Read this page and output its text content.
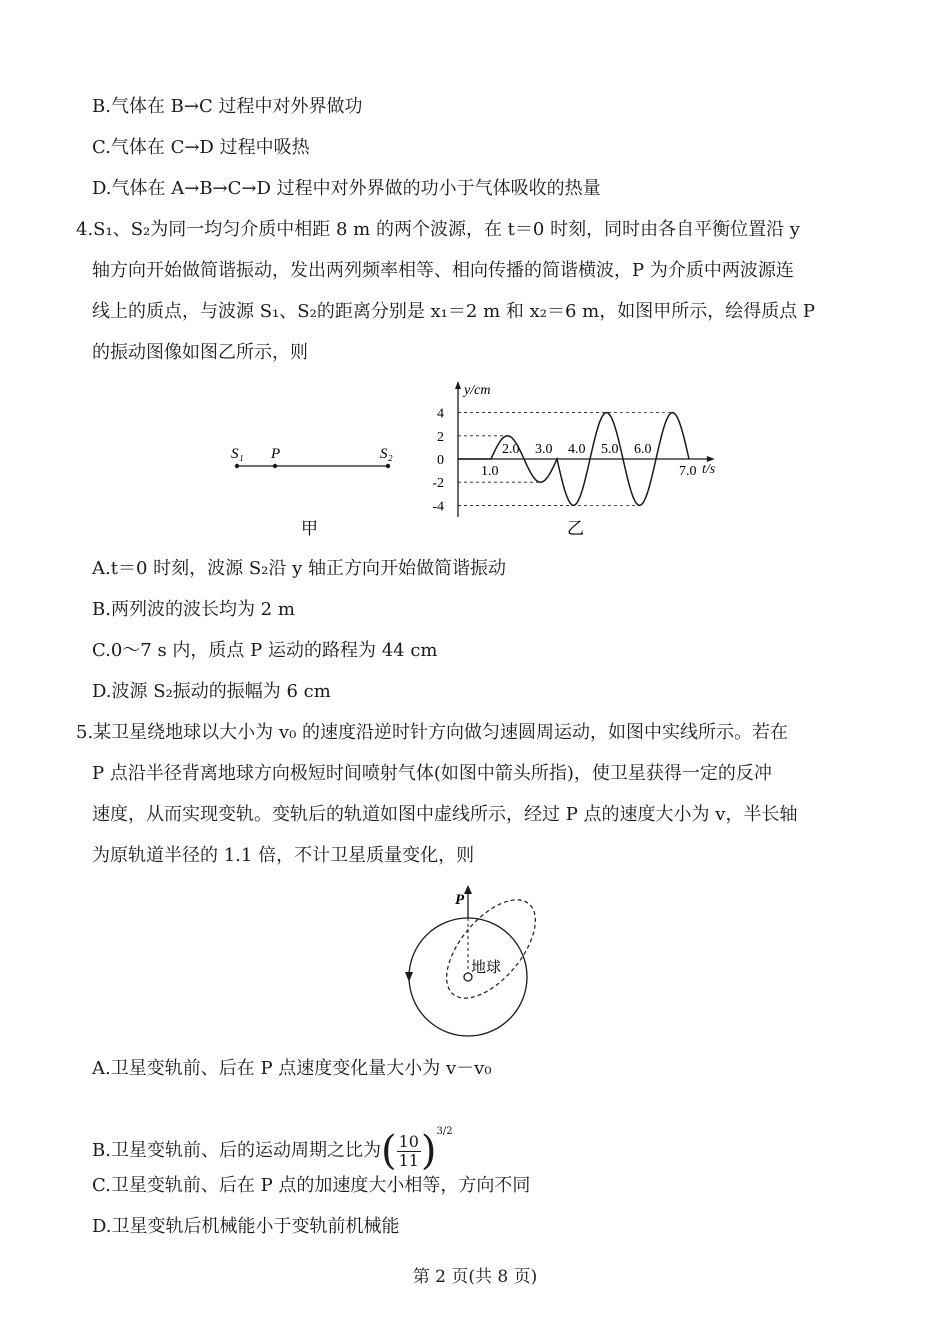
B.气体在 B→C 过程中对外界做功
C.气体在 C→D 过程中吸热
D.气体在 A→B→C→D 过程中对外界做的功小于气体吸收的热量
4.S₁、S₂为同一均匀介质中相距 8 m 的两个波源，在 t＝0 时刻，同时由各自平衡位置沿 y
轴方向开始做简谐振动，发出两列频率相等、相向传播的简谐横波，P 为介质中两波源连
线上的质点，与波源 S₁、S₂的距离分别是 x₁＝2 m 和 x₂＝6 m，如图甲所示，绘得质点 P
的振动图像如图乙所示，则
S₁ P	S₂
甲
4
2
0
-2
-4
1.0
2.0 3.0 4.0 5.0 6.0
7.0
y/cm
t/s
乙
A.t＝0 时刻，波源 S₂沿 y 轴正方向开始做简谐振动
B.两列波的波长均为 2 m
C.0～7 s 内，质点 P 运动的路程为 44 cm
D.波源 S₂振动的振幅为 6 cm
5.某卫星绕地球以大小为 v₀ 的速度沿逆时针方向做匀速圆周运动，如图中实线所示。若在
P 点沿半径背离地球方向极短时间喷射气体(如图中箭头所指)，使卫星获得一定的反冲
速度，从而实现变轨。变轨后的轨道如图中虚线所示，经过 P 点的速度大小为 v，半长轴
为原轨道半径的 1.1 倍，不计卫星质量变化，则
P
地球
A.卫星变轨前、后在 P 点速度变化量大小为 v－v₀
B.卫星变轨前、后的运动周期之比为( $\frac{10}{11} )^{3/2}$
C.卫星变轨前、后在 P 点的加速度大小相等，方向不同
D.卫星变轨后机械能小于变轨前机械能
第 2 页(共 8 页)
